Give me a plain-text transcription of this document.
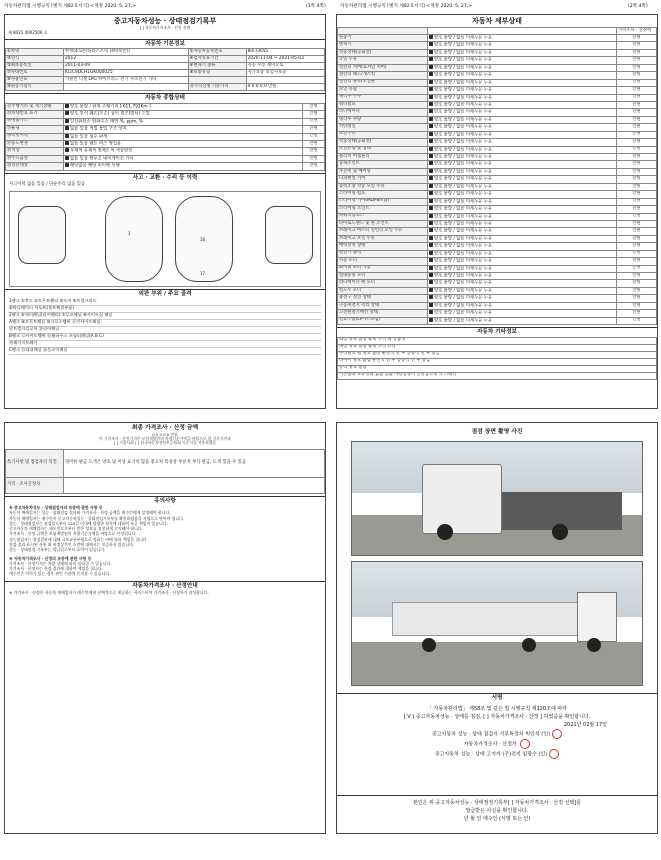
자동차관리법 시행규칙 [별지 제82호서식] <개정 2020. 5. 27.>	(1쪽 4쪽)	자동차관리법 시행규칙 [별지 제82호서식] <개정 2020. 5. 27.>	(2쪽 4쪽)
중고자동차성능 · 상태점검기록부
[ ] 자동차가격조사 · 산정 선택
제 8421 0002506 호
자동차 기본정보
①차명	한성(4.5톤/플러스트럭 (4바보앞))	②자동차등록번호	80다3055
③연식	2012	④검사유효기간	2020-11-04 ~ 2021-05-03
⑤최초등록일	2011-03-09	⑥변속기 종류	자동 수동 세미오토
⑦차대번호	KLTC9DCH1GK000025	⑧보증유형	자가보증 보험사보증
⑨사용연료	가솔린 디젤 LPG 하이브리드 전기 수소전기 기타		
⑩원동기형식		⑪가격산정 기준가격	0 0 0 0 0 만원
자동차 종합상태
⑫주행거리 및 계기상태	양호 불량 / 현재 주행거리 [ 611,791Km ]	만원
⑬차대번호 표기	양호 부식 훼손(오손) 상이 변조(변타) 도말	만원
⑭배출가스	일산화탄소 탄화수소 매연 %, ppm, %	만원
⑮튜닝	없음 있음 적법 불법 구조 장치	만원
⑯특별이력	없음 있음 침수 화재	만원
⑰용도변경	없음 있음 렌트 리스 영업용	만원
⑱색상	무채색 유채색 전체도색 색상변경	만원
⑲주요옵션	없음 있음 썬루프 네비게이션 기타	만원
⑳리콜대상	해당없음 해당 미이행 이행	만원
사고 · 교환 · 수리 등 이력
사고이력 없음 있음 / 단순수리 없음 있음
1
16
17
외판 부위 / 주요 골격
1랭크 ①후드 ②프론트휀더 ③도어 ④트렁크리드
⑤라디에이터 서포트(볼트체결부품)
2랭크 ⑥쿼터패널(리어휀더) ⑦루프패널 ⑧사이드실 패널
A랭크 ⑨프론트패널 ⑩크로스멤버 ⑪인사이드패널
⑰트렁크플로어 ⑱리어패널
B랭크 ⑫사이드멤버 ⑬휠하우스 ⑭필러패널(A B C)
⑲패키지트레이
C랭크 ⑮대쉬패널 ⑯플로어패널
자동차 세부상태
		가격조사 · 산정액
원동기	양호 불량 / 없음 미세누유 누유	만원
변속기	양호 불량 / 없음 미세누유 누유	만원
작동상태(공회전)	양호 불량 / 없음 미세누유 누유	만원
오일 누유	양호 불량 / 없음 미세누유 누유	만원
실린더 커버(로커암 커버)	양호 불량 / 없음 미세누유 누유	만원
실린더 헤드/개스킷	양호 불량 / 없음 미세누유 누유	만원
실린더 블록/오일팬	양호 불량 / 없음 미세누유 누유	만원
오일 유량	양호 불량 / 없음 미세누유 누유	만원
냉각수 누수	양호 불량 / 없음 미세누유 누유	만원
워터펌프	양호 불량 / 없음 미세누유 누유	만원
라디에이터	양호 불량 / 없음 미세누유 누유	만원
냉각수 수량	양호 불량 / 없음 미세누유 누유	만원
커먼레일	양호 불량 / 없음 미세누유 누유	만원
오일누유	양호 불량 / 없음 미세누유 누유	만원
작동상태(공회전)	양호 불량 / 없음 미세누유 누유	만원
오일유량 및 상태	양호 불량 / 없음 미세누유 누유	만원
클러치 어셈블리	양호 불량 / 없음 미세누유 누유	만원
등속조인트	양호 불량 / 없음 미세누유 누유	만원
추진축 및 베어링	양호 불량 / 없음 미세누유 누유	만원
디퍼렌셜 기어	양호 불량 / 없음 미세누유 누유	만원
동력조향 작동 오일 누유	양호 불량 / 없음 미세누유 누유	만원
스티어링 펌프	양호 불량 / 없음 미세누유 누유	만원
스티어링 기어(MDPS포함)	양호 불량 / 없음 미세누유 누유	만원
스티어링 조인트	양호 불량 / 없음 미세누유 누유	만원
파워고압호스	양호 불량 / 없음 미세누유 누유	만원
타이로드엔드 및 볼 조인트	양호 불량 / 없음 미세누유 누유	만원
브레이크 마스터 실린더 오일 누유	양호 불량 / 없음 미세누유 누유	만원
브레이크 오일 누유	양호 불량 / 없음 미세누유 누유	만원
배력장치 상태	양호 불량 / 없음 미세누유 누유	만원
발전기 출력	양호 불량 / 없음 미세누유 누유	만원
시동 모터	양호 불량 / 없음 미세누유 누유	만원
와이퍼 모터 기능	양호 불량 / 없음 미세누유 누유	만원
실내송풍 모터	양호 불량 / 없음 미세누유 누유	만원
라디에이터 팬 모터	양호 불량 / 없음 미세누유 누유	만원
윈도우 모터	양호 불량 / 없음 미세누유 누유	만원
충전구 절연 상태	양호 불량 / 없음 미세누유 누유	만원
구동축전지 격리 상태	양호 불량 / 없음 미세누유 누유	만원
고전원전기배선 상태	양호 불량 / 없음 미세누유 누유	만원
연료누출(LP가스포함)	양호 불량 / 없음 미세누유 누유	만원
자동차 기타정보
외장 양호 불량 광택 부식 휠 상품성
내장 양호 불량 광택 부식 유리
수리필요 휠 양호 불량 운전석 전 후 동승석 전 후 응급
타이어 양호 불량 운전석 전 후 동승석 전 후 응급
유리 양호 불량
기본품목 보유상태 없음 있음 사용설명서 안전삼각대 잭 스페너
최종 가격조사 · 산정 금액
0 0 0 0 0 만원
이 가격조사 · 산정가격은 보험개발원의 차량기준가액을 바탕으로 한 기준가격과
[ ] 기술사회 [ ] 한국자동차진단보증협회 기준서를 적용하였음
특기사항 및 점검자의 의견	경미한 판금 도색은 양호 및 이상 표기치 않음 중고차 특성상 부분적 부식 판금, 도색 있을 수 있음
가격 · 조사산정자	
유의사항
※ 중고자동차성능 · 상태점검자의 보증에 관한 사항 등
자동차 매매업자는 성능 · 상태점검 결과와 가격조사 · 산정 금액을 매수인에게 설명해야 합니다.
자동차 매매업자는 매수인이 중고자동차성능 · 상태점검기록부를 확인하였음을 서명으로 받아야 합니다.
성능 · 상태점검자는 점검일로부터 120일 이내에 발생한 하자에 대하여 보증 책임이 있습니다.
중고자동차 매매업자는 매도인으로부터 받은 정보를 성실하게 고지해야 합니다.
가격조사 · 산정 금액은 보험개발원의 차량기준가액을 바탕으로 산정됩니다.
성능점검자는 점검결과에 대해 국토교통부령으로 정하는 바에 따라 책임을 집니다.
점검 결과 표시된 사항 외 비정상적인 소견에 대해서는 보증하지 않습니다.
성능 · 상태점검 기록부는 발급일로부터 효력이 있습니다.
※ 자동차가격조사 · 산정의 보증에 관한 사항 등
가격조사 · 산정가격은 차량 상태에 따라 달라질 수 있습니다.
가격조사 · 산정자는 산정 결과에 대하여 책임을 집니다.
매수인은 이의가 있는 경우 관련 기관에 문의할 수 있습니다.
자동차가격조사 · 산정안내
※ 가격조사 · 산정은 자동차 매매업자가 매수인에게 선택적으로 제공하는 서비스이며 가격조사 · 산정자가 작성합니다.
점검 장면 촬영 사진
서명
「 자동차관리법」 제58조 및 같은 법 시행규칙 제120조에 따라
[ V ] 중고자동차성능 · 상태를 점검, [ ] 자동차가격조사 · 산정 ] 하였음을 확인합니다.
2021년 02월 17일
중고자동차 성능 · 상태 점검자 서부특장차 빅인석 (인)
자동차가격조사 · 산정자
중고자동차 성능 · 상태 고지자 (주)전지 임광수 (인)
본인은 위 중고자동차성능 · 상태점검기록부[ ] 자동차가격조사 · 산정 선택]를
발급받은 사실을 확인합니다.
년 월 일 매수인 (서명 또는 인)
